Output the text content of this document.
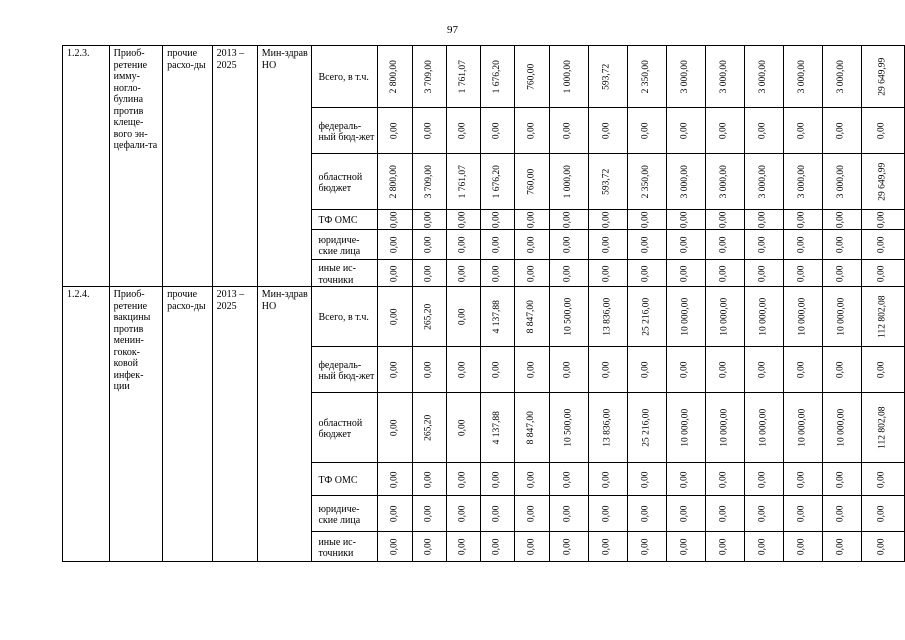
97
1.2.3.	Приоб-ретение иммy-ногло-булина против клеще-вого эн-цефали-та	прочие расхо-ды	2013 – 2025	Мин-здрав НО	Всего, в т.ч.	2 800,00	3 709,00	1 761,07	1 676,20	760,00	1 000,00	593,72	2 350,00	3 000,00	3 000,00	3 000,00	3 000,00	3 000,00	29 649,99
					федераль-ный бюд-жет	0,00	0,00	0,00	0,00	0,00	0,00	0,00	0,00	0,00	0,00	0,00	0,00	0,00	0,00
					областной бюджет	2 800,00	3 709,00	1 761,07	1 676,20	760,00	1 000,00	593,72	2 350,00	3 000,00	3 000,00	3 000,00	3 000,00	3 000,00	29 649,99
					ТФ ОМС	0,00	0,00	0,00	0,00	0,00	0,00	0,00	0,00	0,00	0,00	0,00	0,00	0,00	0,00
					юридиче-ские лица	0,00	0,00	0,00	0,00	0,00	0,00	0,00	0,00	0,00	0,00	0,00	0,00	0,00	0,00
					иные ис-точники	0,00	0,00	0,00	0,00	0,00	0,00	0,00	0,00	0,00	0,00	0,00	0,00	0,00	0,00
1.2.4.	Приоб-ретение вакцины против менин-гокок-ковой инфек-ции	прочие расхо-ды	2013 – 2025	Мин-здрав НО	Всего, в т.ч.	0,00	265,20	0,00	4 137,88	8 847,00	10 500,00	13 836,00	25 216,00	10 000,00	10 000,00	10 000,00	10 000,00	10 000,00	112 802,08
					федераль-ный бюд-жет	0,00	0,00	0,00	0,00	0,00	0,00	0,00	0,00	0,00	0,00	0,00	0,00	0,00	0,00
					областной бюджет	0,00	265,20	0,00	4 137,88	8 847,00	10 500,00	13 836,00	25 216,00	10 000,00	10 000,00	10 000,00	10 000,00	10 000,00	112 802,08
					ТФ ОМС	0,00	0,00	0,00	0,00	0,00	0,00	0,00	0,00	0,00	0,00	0,00	0,00	0,00	0,00
					юридиче-ские лица	0,00	0,00	0,00	0,00	0,00	0,00	0,00	0,00	0,00	0,00	0,00	0,00	0,00	0,00
					иные ис-точники	0,00	0,00	0,00	0,00	0,00	0,00	0,00	0,00	0,00	0,00	0,00	0,00	0,00	0,00
